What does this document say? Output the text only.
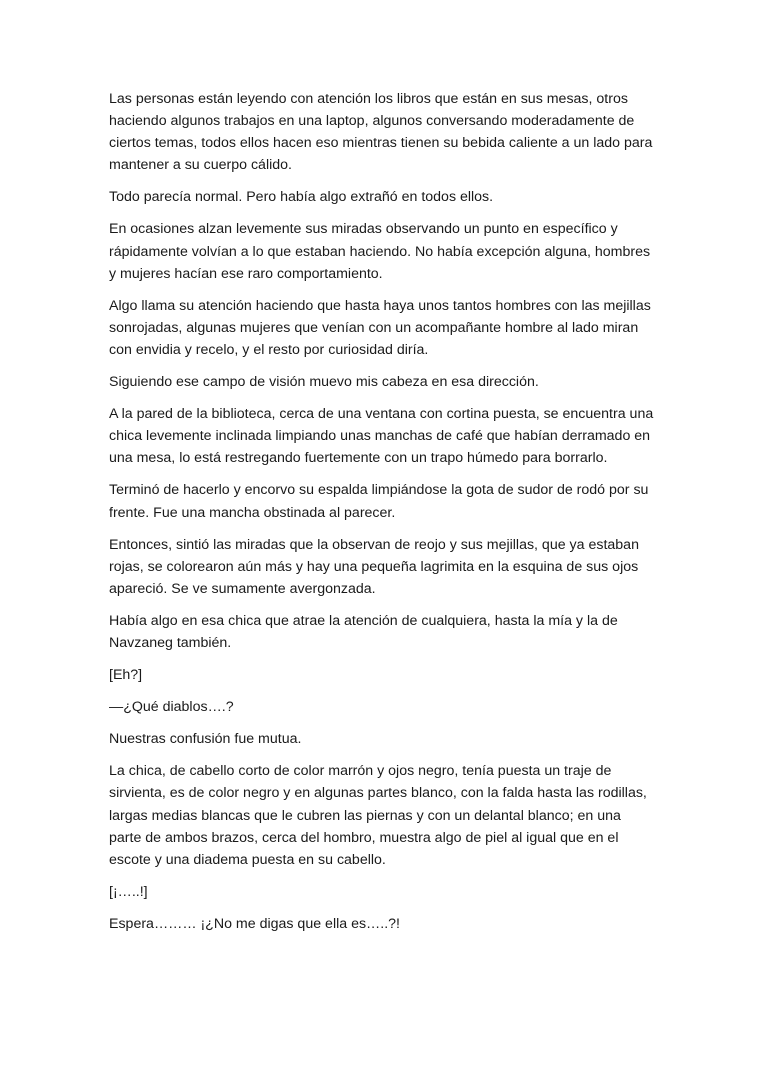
Las personas están leyendo con atención los libros que están en sus mesas, otros haciendo algunos trabajos en una laptop, algunos conversando moderadamente de ciertos temas, todos ellos hacen eso mientras tienen su bebida caliente a un lado para mantener a su cuerpo cálido.

Todo parecía normal. Pero había algo extrañó en todos ellos.

En ocasiones alzan levemente sus miradas observando un punto en específico y rápidamente volvían a lo que estaban haciendo. No había excepción alguna, hombres y mujeres hacían ese raro comportamiento.

Algo llama su atención haciendo que hasta haya unos tantos hombres con las mejillas sonrojadas, algunas mujeres que venían con un acompañante hombre al lado miran con envidia y recelo, y el resto por curiosidad diría.

Siguiendo ese campo de visión muevo mis cabeza en esa dirección.

A la pared de la biblioteca, cerca de una ventana con cortina puesta, se encuentra una chica levemente inclinada limpiando unas manchas de café que habían derramado en una mesa, lo está restregando fuertemente con un trapo húmedo para borrarlo.

Terminó de hacerlo y encorvo su espalda limpiándose la gota de sudor de rodó por su frente. Fue una mancha obstinada al parecer.

Entonces, sintió las miradas que la observan de reojo y sus mejillas, que ya estaban rojas, se colorearon aún más y hay una pequeña lagrimita en la esquina de sus ojos apareció. Se ve sumamente avergonzada.

Había algo en esa chica que atrae la atención de cualquiera, hasta la mía y la de Navzaneg también.

[Eh?]

—¿Qué diablos….?

Nuestras confusión fue mutua.

La chica, de cabello corto de color marrón y ojos negro, tenía puesta un traje de sirvienta, es de color negro y en algunas partes blanco, con la falda hasta las rodillas, largas medias blancas que le cubren las piernas y con un delantal blanco; en una parte de ambos brazos, cerca del hombro, muestra algo de piel al igual que en el escote y una diadema puesta en su cabello.

[¡…..!]

Espera……… ¡¿No me digas que ella es…..?!
